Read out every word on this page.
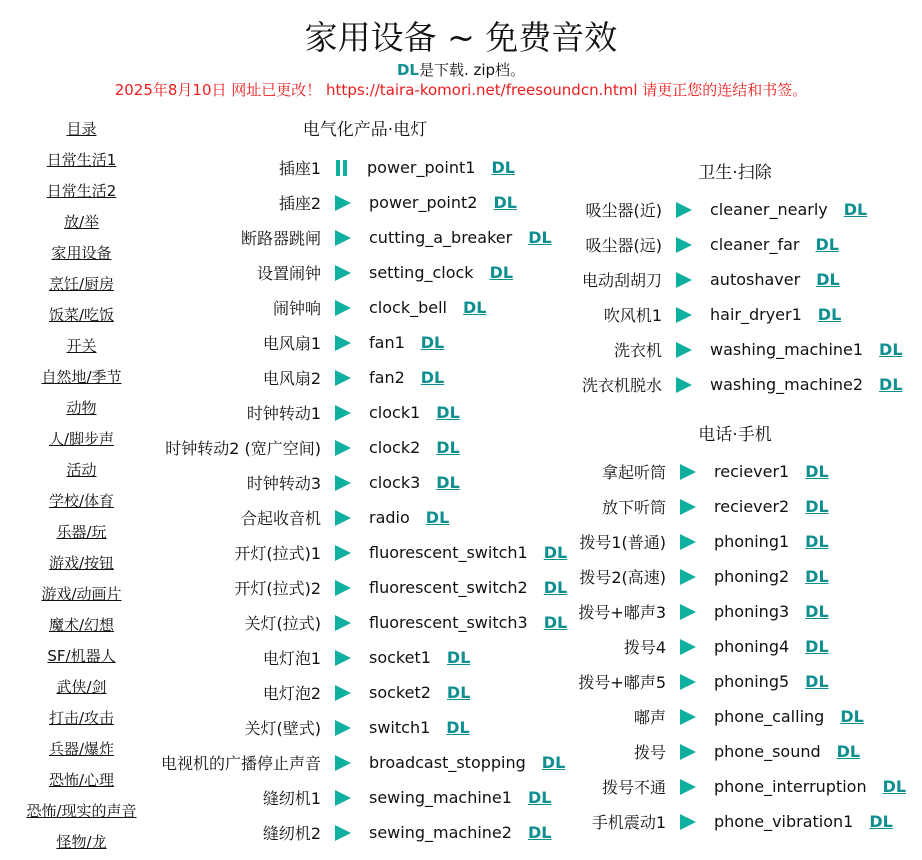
家用设备 ~ 免费音效
DL是下载. zip档。
2025年8月10日 网址已更改！ https://taira-komori.net/freesoundcn.html 请更正您的连结和书签。
目录
日常生活1
日常生活2
放/举
家用设备
烹饪/厨房
饭菜/吃饭
开关
自然地/季节
动物
人/脚步声
活动
学校/体育
乐器/玩
游戏/按钮
游戏/动画片
魔术/幻想
SF/机器人
武侠/剑
打击/攻击
兵器/爆炸
恐怖/心理
恐怖/现实的声音
怪物/龙
电气化产品·电灯
插座1	power_point1 DL
插座2	power_point2 DL
断路器跳闸	cutting_a_breaker DL
设置闹钟	setting_clock DL
闹钟响	clock_bell DL
电风扇1	fan1 DL
电风扇2	fan2 DL
时钟转动1	clock1 DL
时钟转动2 (宽广空间)	clock2 DL
时钟转动3	clock3 DL
合起收音机	radio DL
开灯(拉式)1	fluorescent_switch1 DL
开灯(拉式)2	fluorescent_switch2 DL
关灯(拉式)	fluorescent_switch3 DL
电灯泡1	socket1 DL
电灯泡2	socket2 DL
关灯(壁式)	switch1 DL
电视机的广播停止声音	broadcast_stopping DL
缝纫机1	sewing_machine1 DL
缝纫机2	sewing_machine2 DL
卫生·扫除
吸尘器(近)	cleaner_nearly DL
吸尘器(远)	cleaner_far DL
电动刮胡刀	autoshaver DL
吹风机1	hair_dryer1 DL
洗衣机	washing_machine1 DL
洗衣机脱水	washing_machine2 DL
电话·手机
拿起听筒	reciever1 DL
放下听筒	reciever2 DL
拨号1(普通)	phoning1 DL
拨号2(高速)	phoning2 DL
拨号+嘟声3	phoning3 DL
拨号4	phoning4 DL
拨号+嘟声5	phoning5 DL
嘟声	phone_calling DL
拨号	phone_sound DL
拨号不通	phone_interruption DL
手机震动1	phone_vibration1 DL
